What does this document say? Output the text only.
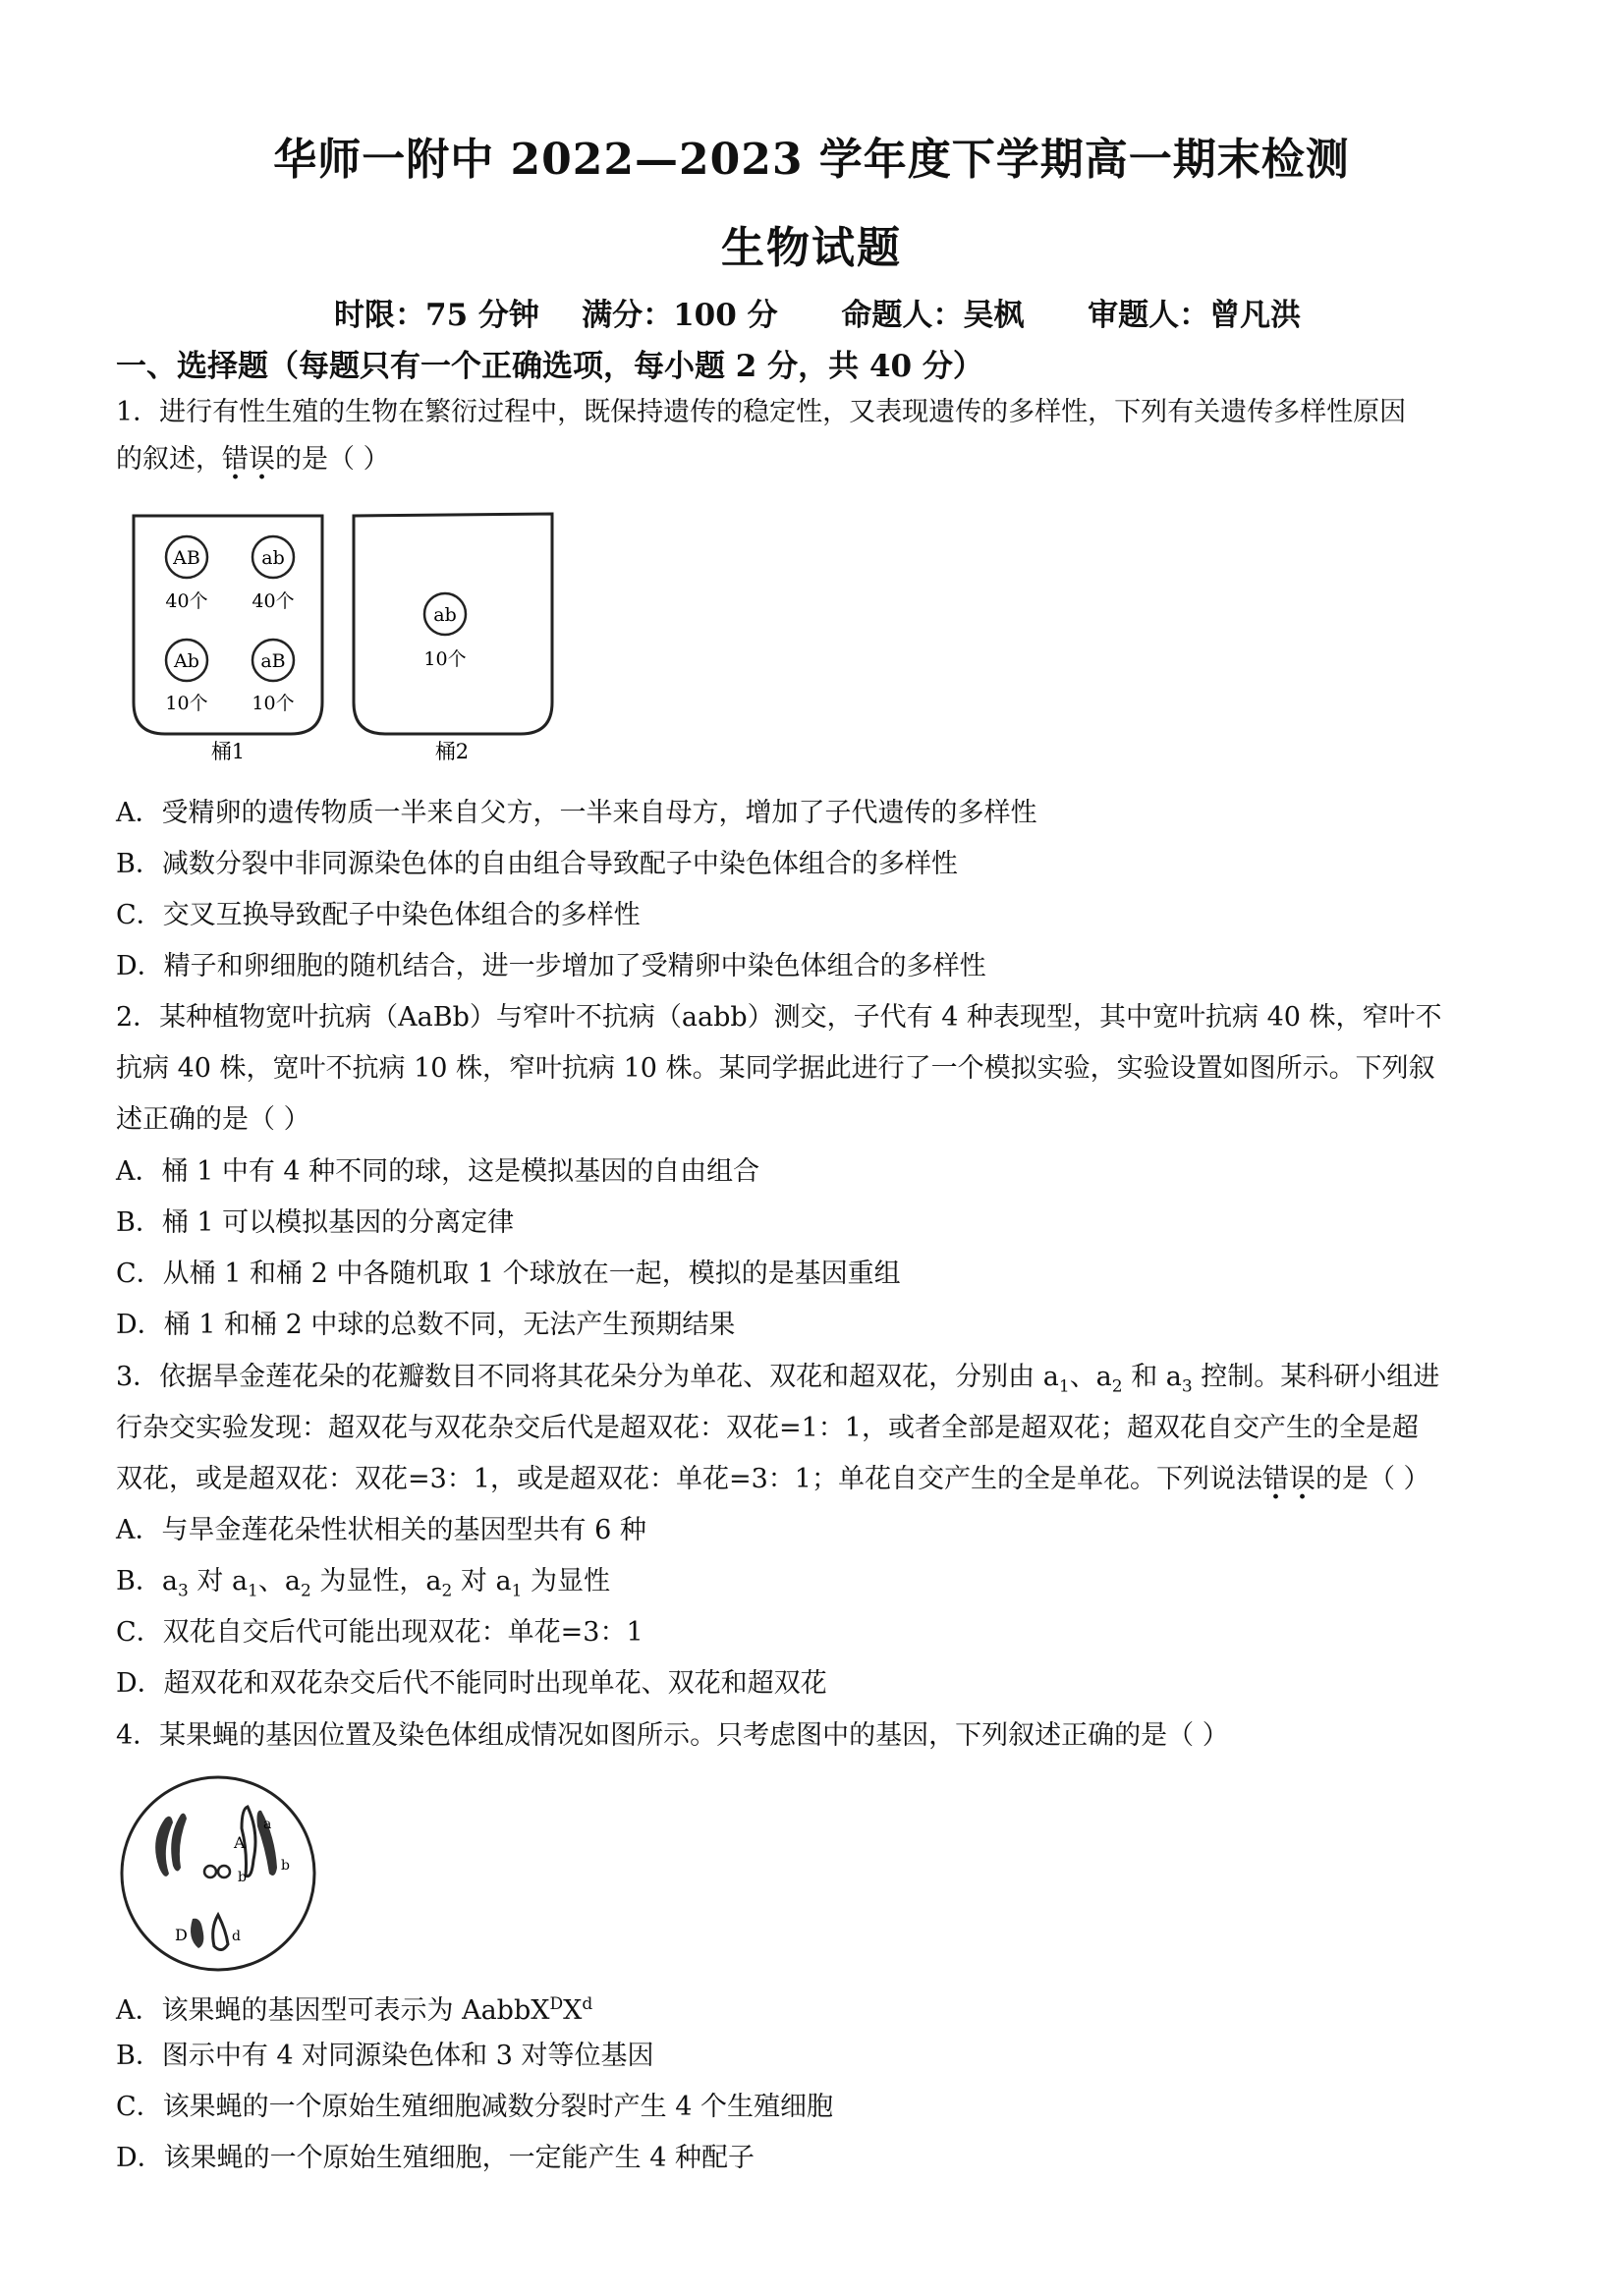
华师一附中 2022—2023 学年度下学期高一期末检测
生物试题
时限：75 分钟    满分：100 分      命题人：吴枫      审题人：曾凡洪
一、选择题（每题只有一个正确选项，每小题 2 分，共 40 分）
1．进行有性生殖的生物在繁衍过程中，既保持遗传的稳定性，又表现遗传的多样性，下列有关遗传多样性原因
的叙述，错误的是（ ）
AB
40个
ab
40个
Ab
10个
aB
10个
ab
10个
桶1	桶2
A．受精卵的遗传物质一半来自父方，一半来自母方，增加了子代遗传的多样性
B．减数分裂中非同源染色体的自由组合导致配子中染色体组合的多样性
C．交叉互换导致配子中染色体组合的多样性
D．精子和卵细胞的随机结合，进一步增加了受精卵中染色体组合的多样性
2．某种植物宽叶抗病（AaBb）与窄叶不抗病（aabb）测交，子代有 4 种表现型，其中宽叶抗病 40 株，窄叶不
抗病 40 株，宽叶不抗病 10 株，窄叶抗病 10 株。某同学据此进行了一个模拟实验，实验设置如图所示。下列叙
述正确的是（ ）
A．桶 1 中有 4 种不同的球，这是模拟基因的自由组合
B．桶 1 可以模拟基因的分离定律
C．从桶 1 和桶 2 中各随机取 1 个球放在一起，模拟的是基因重组
D．桶 1 和桶 2 中球的总数不同，无法产生预期结果
3．依据旱金莲花朵的花瓣数目不同将其花朵分为单花、双花和超双花，分别由 $a_1$、$a_2$ 和 $a_3$ 控制。某科研小组进
行杂交实验发现：超双花与双花杂交后代是超双花：双花=1：1，或者全部是超双花；超双花自交产生的全是超
双花，或是超双花：双花=3：1，或是超双花：单花=3：1；单花自交产生的全是单花。下列说法错误的是（ ）
A．与旱金莲花朵性状相关的基因型共有 6 种
B．$a_3$ 对 $a_1$、$a_2$ 为显性，$a_2$ 对 $a_1$ 为显性
C．双花自交后代可能出现双花：单花=3：1
D．超双花和双花杂交后代不能同时出现单花、双花和超双花
4．某果蝇的基因位置及染色体组成情况如图所示。只考虑图中的基因，下列叙述正确的是（ ）
A
a
b
b
D	d
A．该果蝇的基因型可表示为 $AabbX^DX^d$
B．图示中有 4 对同源染色体和 3 对等位基因
C．该果蝇的一个原始生殖细胞减数分裂时产生 4 个生殖细胞
D．该果蝇的一个原始生殖细胞，一定能产生 4 种配子
